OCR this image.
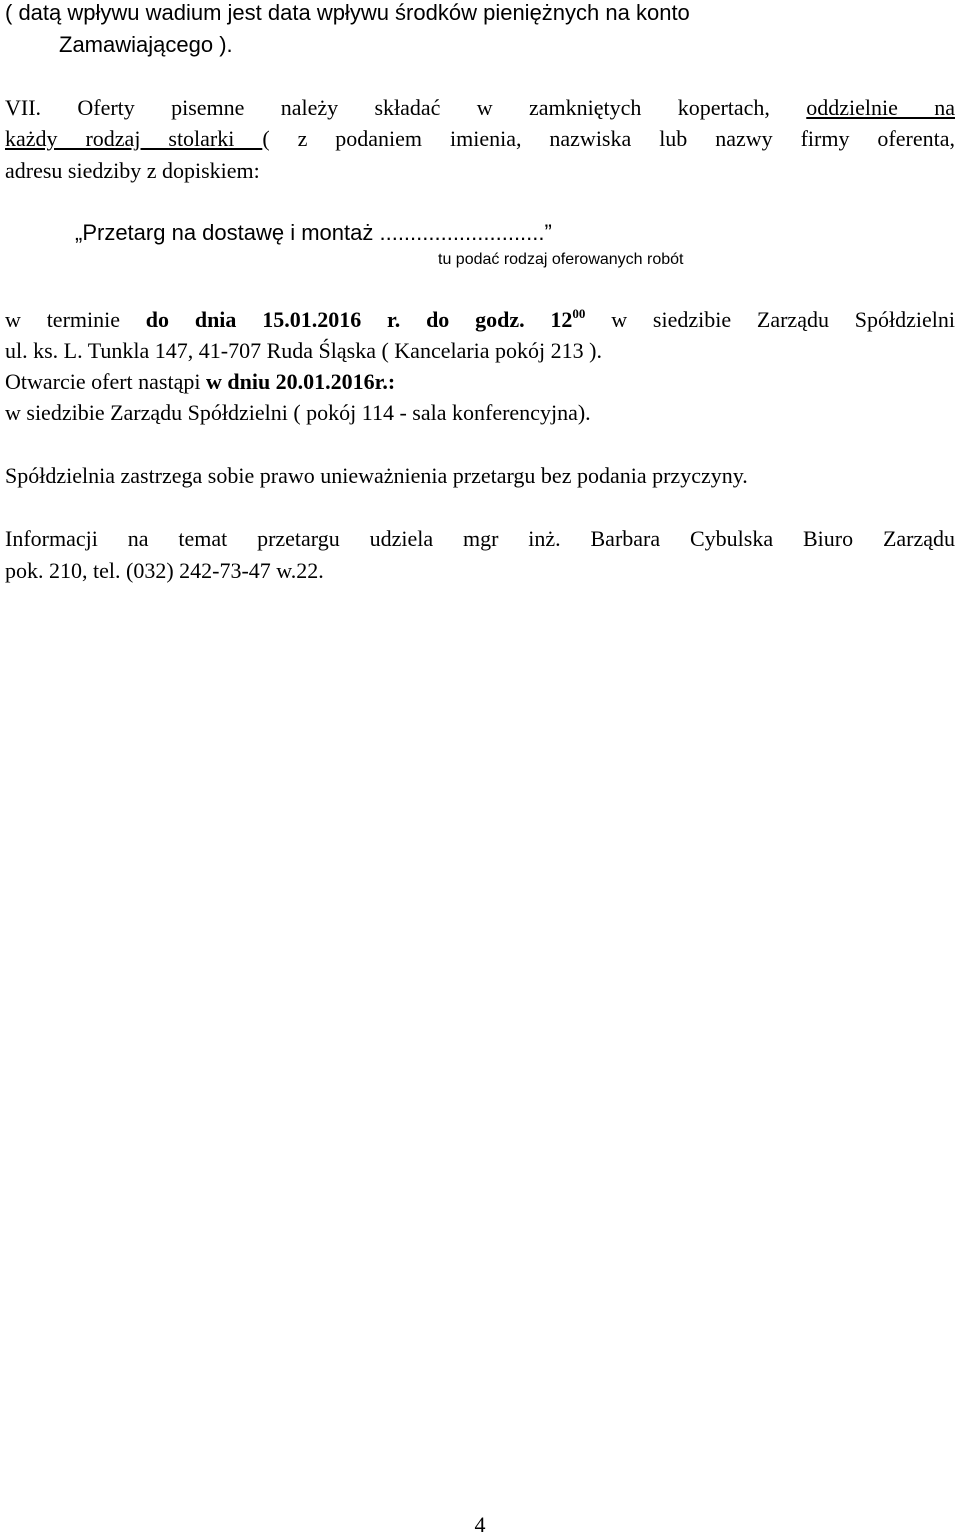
( datą wpływu wadium jest data wpływu środków pieniężnych na konto
Zamawiającego ).
VII. Oferty pisemne należy składać w zamkniętych kopertach, oddzielnie na
każdy rodzaj stolarki ( z podaniem imienia, nazwiska lub nazwy firmy oferenta,
adresu siedziby z dopiskiem:
„Przetarg na dostawę i montaż ...........................”
tu podać rodzaj oferowanych robót
w terminie do dnia 15.01.2016 r. do godz. $12^{00}$ w siedzibie Zarządu Spółdzielni
ul. ks. L. Tunkla 147, 41-707 Ruda Śląska ( Kancelaria pokój 213 ).
Otwarcie ofert nastąpi w dniu 20.01.2016r.:
w siedzibie Zarządu Spółdzielni ( pokój 114 - sala konferencyjna).
Spółdzielnia zastrzega sobie prawo unieważnienia przetargu bez podania przyczyny.
Informacji na temat przetargu udziela mgr inż. Barbara Cybulska Biuro Zarządu
pok. 210, tel. (032) 242-73-47 w.22.
4
